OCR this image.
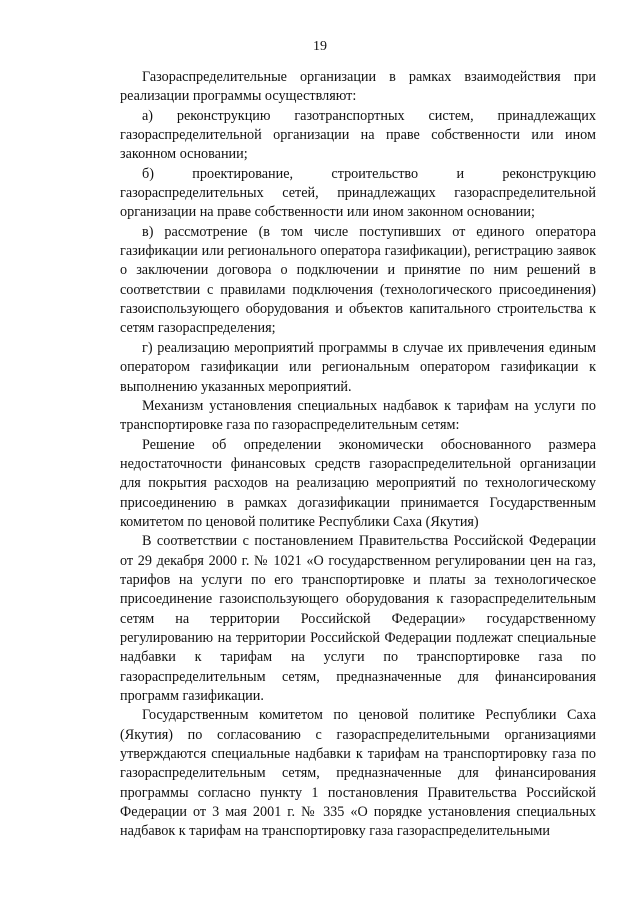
19

Газораспределительные организации в рамках взаимодействия при реализации программы осуществляют:

а) реконструкцию газотранспортных систем, принадлежащих газораспределительной организации на праве собственности или ином законном основании;

б) проектирование, строительство и реконструкцию газораспределительных сетей, принадлежащих газораспределительной организации на праве собственности или ином законном основании;

в) рассмотрение (в том числе поступивших от единого оператора газификации или регионального оператора газификации), регистрацию заявок о заключении договора о подключении и принятие по ним решений в соответствии с правилами подключения (технологического присоединения) газоиспользующего оборудования и объектов капитального строительства к сетям газораспределения;

г) реализацию мероприятий программы в случае их привлечения единым оператором газификации или региональным оператором газификации к выполнению указанных мероприятий.

Механизм установления специальных надбавок к тарифам на услуги по транспортировке газа по газораспределительным сетям:

Решение об определении экономически обоснованного размера недостаточности финансовых средств газораспределительной организации для покрытия расходов на реализацию мероприятий по технологическому присоединению в рамках догазификации принимается Государственным комитетом по ценовой политике Республики Саха (Якутия)

В соответствии с постановлением Правительства Российской Федерации от 29 декабря 2000 г. № 1021 «О государственном регулировании цен на газ, тарифов на услуги по его транспортировке и платы за технологическое присоединение газоиспользующего оборудования к газораспределительным сетям на территории Российской Федерации» государственному регулированию на территории Российской Федерации подлежат специальные надбавки к тарифам на услуги по транспортировке газа по газораспределительным сетям, предназначенные для финансирования программ газификации.

Государственным комитетом по ценовой политике Республики Саха (Якутия) по согласованию с газораспределительными организациями утверждаются специальные надбавки к тарифам на транспортировку газа по газораспределительным сетям, предназначенные для финансирования программы согласно пункту 1 постановления Правительства Российской Федерации от 3 мая 2001 г. № 335 «О порядке установления специальных надбавок к тарифам на транспортировку газа газораспределительными
